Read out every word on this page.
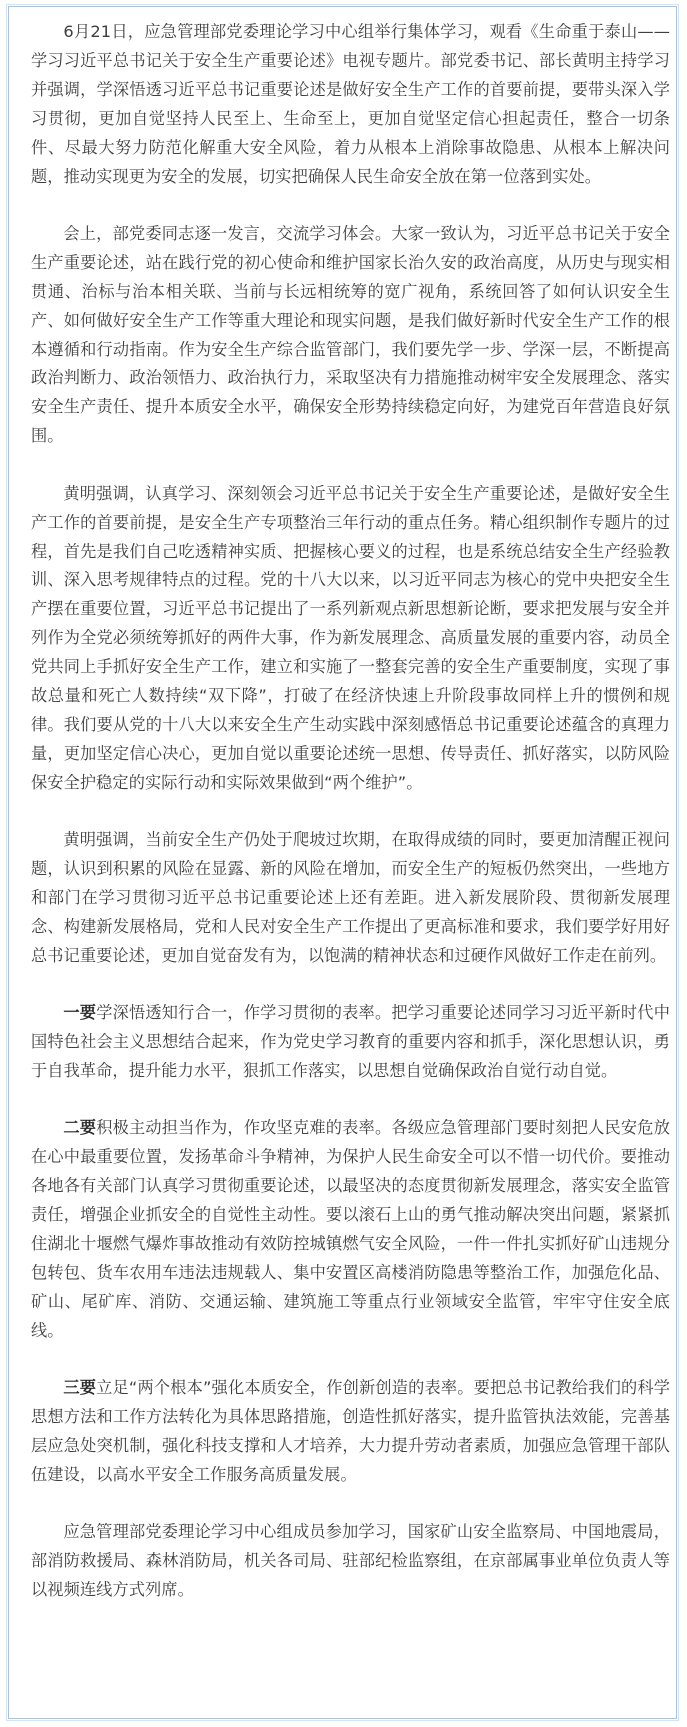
6月21日，应急管理部党委理论学习中心组举行集体学习，观看《生命重于泰山——学习习近平总书记关于安全生产重要论述》电视专题片。部党委书记、部长黄明主持学习并强调，学深悟透习近平总书记重要论述是做好安全生产工作的首要前提，要带头深入学习贯彻，更加自觉坚持人民至上、生命至上，更加自觉坚定信心担起责任，整合一切条件、尽最大努力防范化解重大安全风险，着力从根本上消除事故隐患、从根本上解决问题，推动实现更为安全的发展，切实把确保人民生命安全放在第一位落到实处。

会上，部党委同志逐一发言，交流学习体会。大家一致认为，习近平总书记关于安全生产重要论述，站在践行党的初心使命和维护国家长治久安的政治高度，从历史与现实相贯通、治标与治本相关联、当前与长远相统筹的宽广视角，系统回答了如何认识安全生产、如何做好安全生产工作等重大理论和现实问题，是我们做好新时代安全生产工作的根本遵循和行动指南。作为安全生产综合监管部门，我们要先学一步、学深一层，不断提高政治判断力、政治领悟力、政治执行力，采取坚决有力措施推动树牢安全发展理念、落实安全生产责任、提升本质安全水平，确保安全形势持续稳定向好，为建党百年营造良好氛围。

黄明强调，认真学习、深刻领会习近平总书记关于安全生产重要论述，是做好安全生产工作的首要前提，是安全生产专项整治三年行动的重点任务。精心组织制作专题片的过程，首先是我们自己吃透精神实质、把握核心要义的过程，也是系统总结安全生产经验教训、深入思考规律特点的过程。党的十八大以来，以习近平同志为核心的党中央把安全生产摆在重要位置，习近平总书记提出了一系列新观点新思想新论断，要求把发展与安全并列作为全党必须统筹抓好的两件大事，作为新发展理念、高质量发展的重要内容，动员全党共同上手抓好安全生产工作，建立和实施了一整套完善的安全生产重要制度，实现了事故总量和死亡人数持续“双下降”，打破了在经济快速上升阶段事故同样上升的惯例和规律。我们要从党的十八大以来安全生产生动实践中深刻感悟总书记重要论述蕴含的真理力量，更加坚定信心决心，更加自觉以重要论述统一思想、传导责任、抓好落实，以防风险保安全护稳定的实际行动和实际效果做到“两个维护”。

黄明强调，当前安全生产仍处于爬坡过坎期，在取得成绩的同时，要更加清醒正视问题，认识到积累的风险在显露、新的风险在增加，而安全生产的短板仍然突出，一些地方和部门在学习贯彻习近平总书记重要论述上还有差距。进入新发展阶段、贯彻新发展理念、构建新发展格局，党和人民对安全生产工作提出了更高标准和要求，我们要学好用好总书记重要论述，更加自觉奋发有为，以饱满的精神状态和过硬作风做好工作走在前列。

一要学深悟透知行合一，作学习贯彻的表率。把学习重要论述同学习习近平新时代中国特色社会主义思想结合起来，作为党史学习教育的重要内容和抓手，深化思想认识，勇于自我革命，提升能力水平，狠抓工作落实，以思想自觉确保政治自觉行动自觉。

二要积极主动担当作为，作攻坚克难的表率。各级应急管理部门要时刻把人民安危放在心中最重要位置，发扬革命斗争精神，为保护人民生命安全可以不惜一切代价。要推动各地各有关部门认真学习贯彻重要论述，以最坚决的态度贯彻新发展理念，落实安全监管责任，增强企业抓安全的自觉性主动性。要以滚石上山的勇气推动解决突出问题，紧紧抓住湖北十堰燃气爆炸事故推动有效防控城镇燃气安全风险，一件一件扎实抓好矿山违规分包转包、货车农用车违法违规载人、集中安置区高楼消防隐患等整治工作，加强危化品、矿山、尾矿库、消防、交通运输、建筑施工等重点行业领域安全监管，牢牢守住安全底线。

三要立足“两个根本”强化本质安全，作创新创造的表率。要把总书记教给我们的科学思想方法和工作方法转化为具体思路措施，创造性抓好落实，提升监管执法效能，完善基层应急处突机制，强化科技支撑和人才培养，大力提升劳动者素质，加强应急管理干部队伍建设，以高水平安全工作服务高质量发展。

应急管理部党委理论学习中心组成员参加学习，国家矿山安全监察局、中国地震局，部消防救援局、森林消防局，机关各司局、驻部纪检监察组，在京部属事业单位负责人等以视频连线方式列席。
